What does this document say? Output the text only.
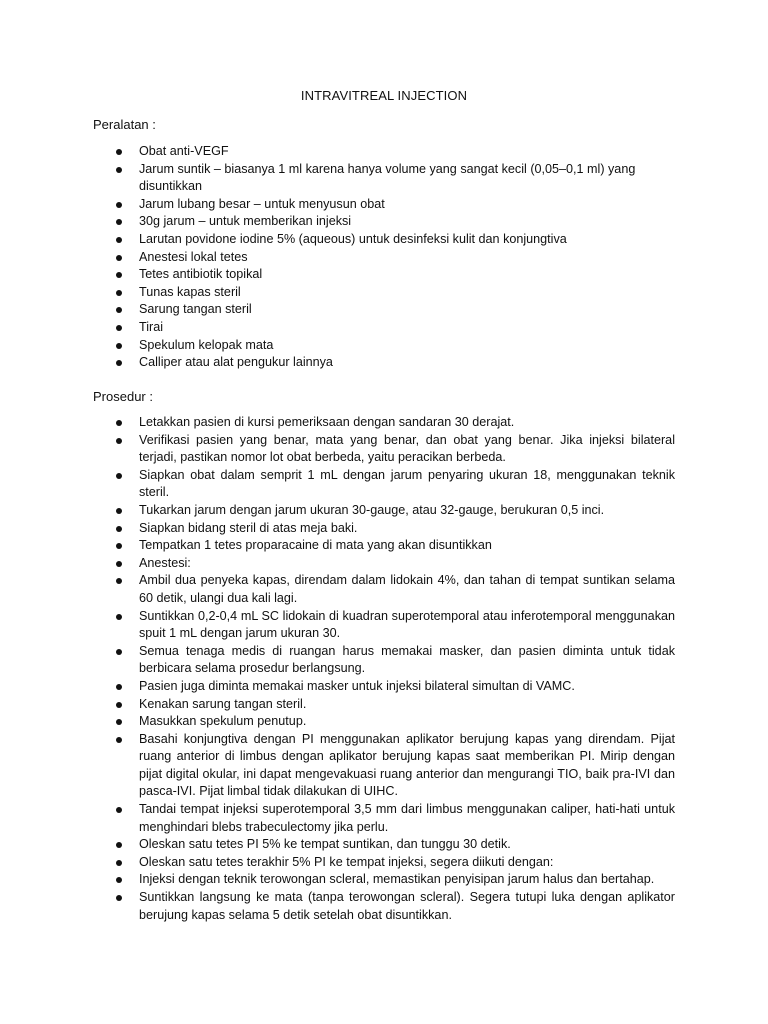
INTRAVITREAL INJECTION
Peralatan :
Obat anti-VEGF
Jarum suntik – biasanya 1 ml karena hanya volume yang sangat kecil (0,05–0,1 ml) yang disuntikkan
Jarum lubang besar – untuk menyusun obat
30g jarum – untuk memberikan injeksi
Larutan povidone iodine 5% (aqueous) untuk desinfeksi kulit dan konjungtiva
Anestesi lokal tetes
Tetes antibiotik topikal
Tunas kapas steril
Sarung tangan steril
Tirai
Spekulum kelopak mata
Calliper atau alat pengukur lainnya
Prosedur :
Letakkan pasien di kursi pemeriksaan dengan sandaran 30 derajat.
Verifikasi pasien yang benar, mata yang benar, dan obat yang benar. Jika injeksi bilateral terjadi, pastikan nomor lot obat berbeda, yaitu peracikan berbeda.
Siapkan obat dalam semprit 1 mL dengan jarum penyaring ukuran 18, menggunakan teknik steril.
Tukarkan jarum dengan jarum ukuran 30-gauge, atau 32-gauge, berukuran 0,5 inci.
Siapkan bidang steril di atas meja baki.
Tempatkan 1 tetes proparacaine di mata yang akan disuntikkan
Anestesi:
Ambil dua penyeka kapas, direndam dalam lidokain 4%, dan tahan di tempat suntikan selama 60 detik, ulangi dua kali lagi.
Suntikkan 0,2-0,4 mL SC lidokain di kuadran superotemporal atau inferotemporal menggunakan spuit 1 mL dengan jarum ukuran 30.
Semua tenaga medis di ruangan harus memakai masker, dan pasien diminta untuk tidak berbicara selama prosedur berlangsung.
Pasien juga diminta memakai masker untuk injeksi bilateral simultan di VAMC.
Kenakan sarung tangan steril.
Masukkan spekulum penutup.
Basahi konjungtiva dengan PI menggunakan aplikator berujung kapas yang direndam. Pijat ruang anterior di limbus dengan aplikator berujung kapas saat memberikan PI. Mirip dengan pijat digital okular, ini dapat mengevakuasi ruang anterior dan mengurangi TIO, baik pra-IVI dan pasca-IVI. Pijat limbal tidak dilakukan di UIHC.
Tandai tempat injeksi superotemporal 3,5 mm dari limbus menggunakan caliper, hati-hati untuk menghindari blebs trabeculectomy jika perlu.
Oleskan satu tetes PI 5% ke tempat suntikan, dan tunggu 30 detik.
Oleskan satu tetes terakhir 5% PI ke tempat injeksi, segera diikuti dengan:
Injeksi dengan teknik terowongan scleral, memastikan penyisipan jarum halus dan bertahap.
Suntikkan langsung ke mata (tanpa terowongan scleral). Segera tutupi luka dengan aplikator berujung kapas selama 5 detik setelah obat disuntikkan.
